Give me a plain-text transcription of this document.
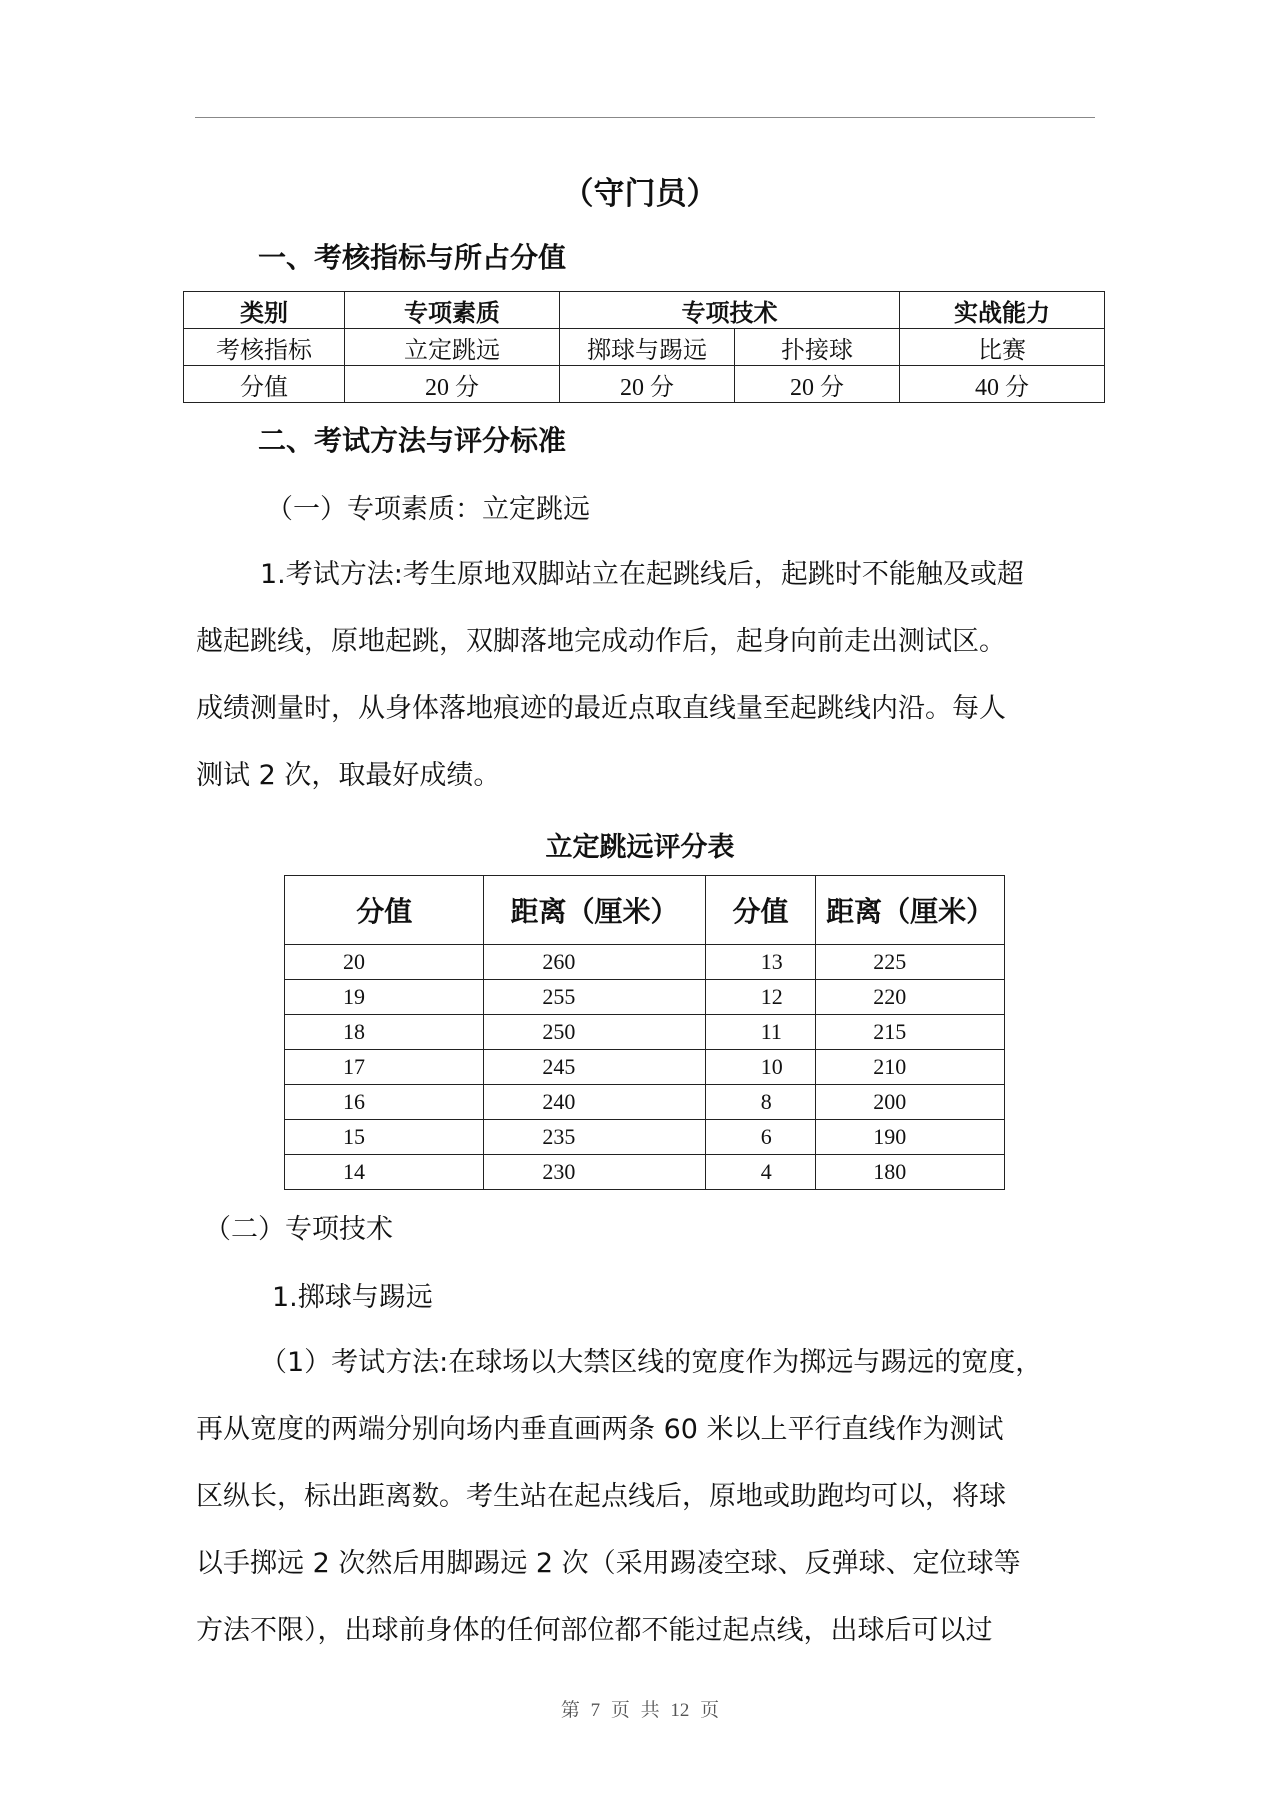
（守门员）
一、考核指标与所占分值
类别	专项素质	专项技术		实战能力
考核指标	立定跳远	掷球与踢远	扑接球	比赛
分值	20 分	20 分	20 分	40 分
二、考试方法与评分标准
（一）专项素质：立定跳远

1.考试方法:考生原地双脚站立在起跳线后，起跳时不能触及或超

越起跳线，原地起跳，双脚落地完成动作后，起身向前走出测试区。

成绩测量时，从身体落地痕迹的最近点取直线量至起跳线内沿。每人

测试 2 次，取最好成绩。

立定跳远评分表
分值	距离（厘米）	分值	距离（厘米）
20	260	13	225
19	255	12	220
18	250	11	215
17	245	10	210
16	240	8	200
15	235	6	190
14	230	4	180
（二）专项技术
1.掷球与踢远

（1）考试方法:在球场以大禁区线的宽度作为掷远与踢远的宽度，

再从宽度的两端分别向场内垂直画两条 60 米以上平行直线作为测试

区纵长，标出距离数。考生站在起点线后，原地或助跑均可以，将球

以手掷远 2 次然后用脚踢远 2 次（采用踢凌空球、反弹球、定位球等

方法不限），出球前身体的任何部位都不能过起点线，出球后可以过

第 7 页 共 12 页
